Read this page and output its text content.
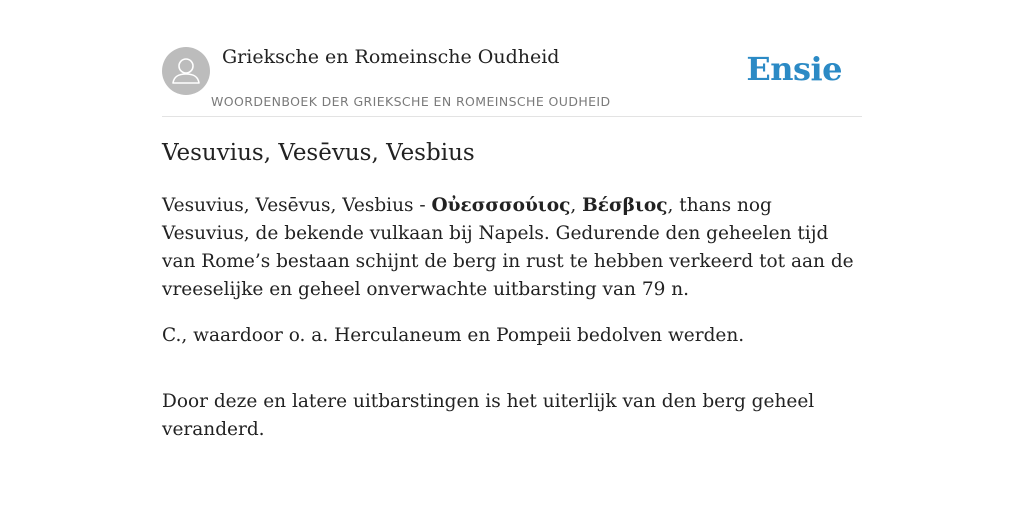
Grieksche en Romeinsche Oudheid
WOORDENBOEK DER GRIEKSCHE EN ROMEINSCHE OUDHEID
Ensie
Vesuvius, Vesēvus, Vesbius

Vesuvius, Vesēvus, Vesbius - Οὐεσσσούιος, Βέσβιος, thans nog Vesuvius, de bekende vulkaan bij Napels. Gedurende den geheelen tijd van Rome’s bestaan schijnt de berg in rust te hebben verkeerd tot aan de vreeselijke en geheel onverwachte uitbarsting van 79 n.

C., waardoor o. a. Herculaneum en Pompeii bedolven werden.

Door deze en latere uitbarstingen is het uiterlijk van den berg geheel veranderd.
